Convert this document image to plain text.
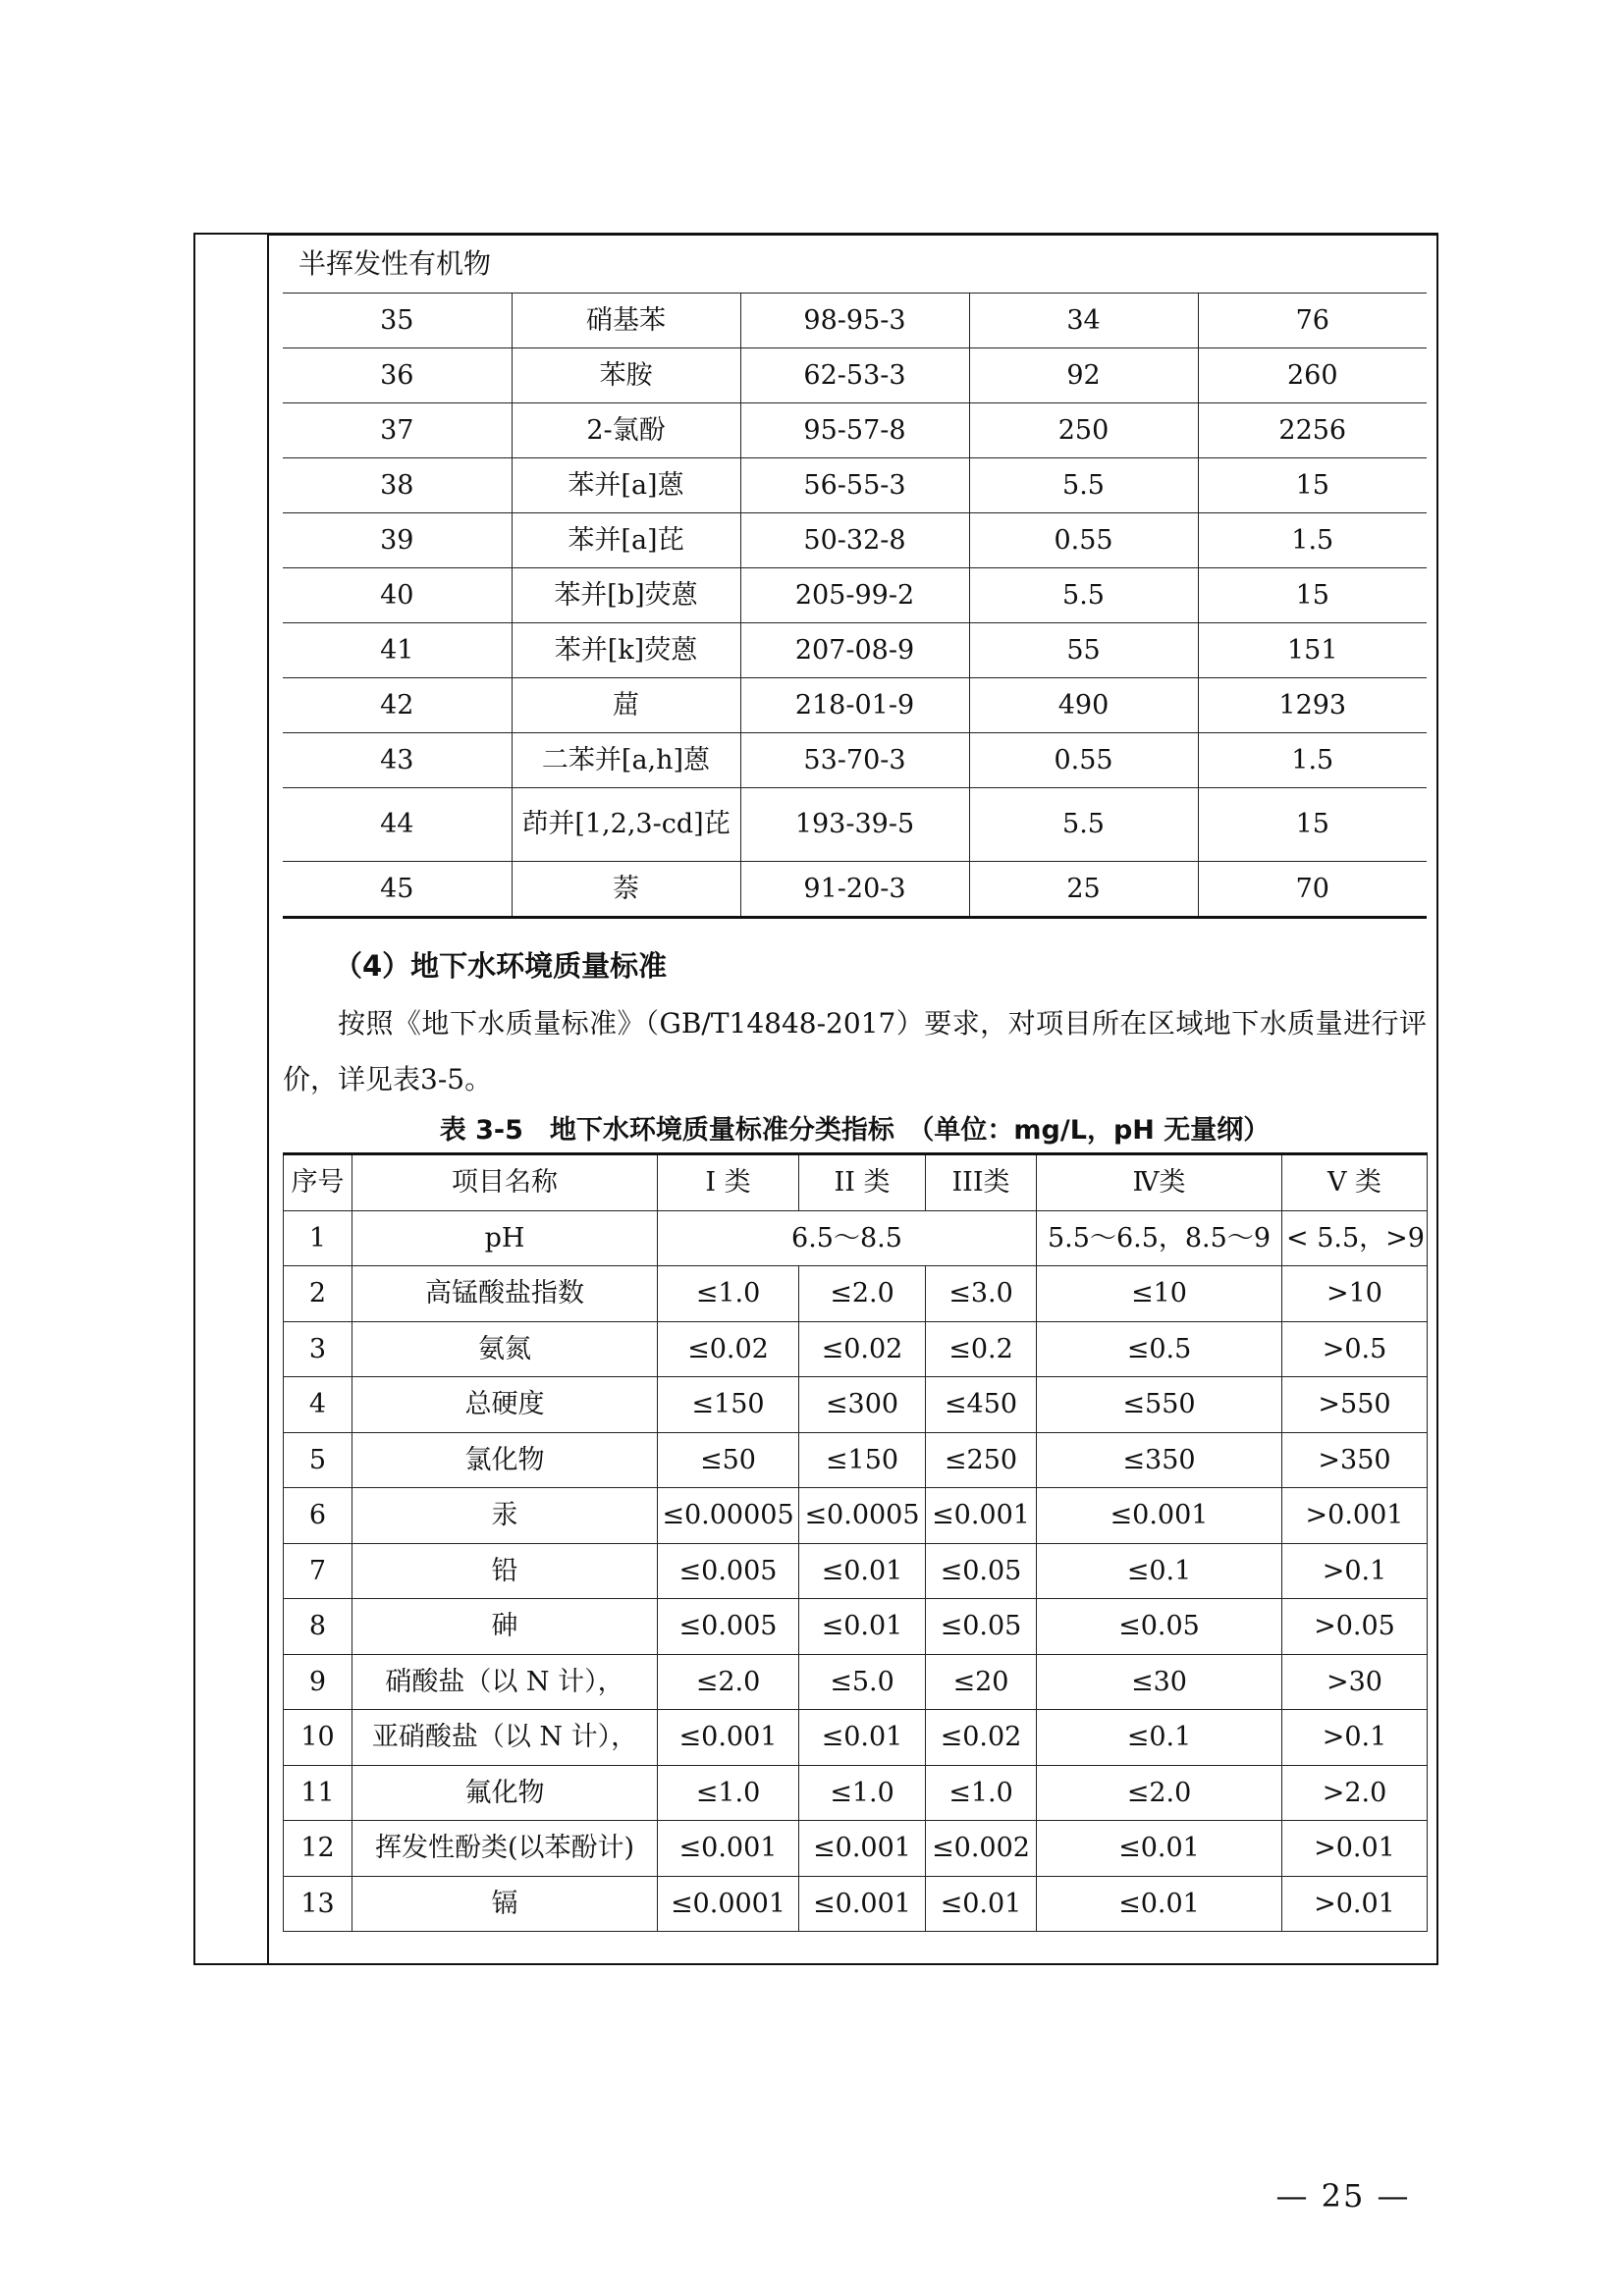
半挥发性有机物				
35	硝基苯	98-95-3	34	76
36	苯胺	62-53-3	92	260
37	2-氯酚	95-57-8	250	2256
38	苯并[a]蒽	56-55-3	5.5	15
39	苯并[a]芘	50-32-8	0.55	1.5
40	苯并[b]荧蒽	205-99-2	5.5	15
41	苯并[k]荧蒽	207-08-9	55	151
42	䓛	218-01-9	490	1293
43	二苯并[a,h]蒽	53-70-3	0.55	1.5
44	茚并[1,2,3-cd]芘	193-39-5	5.5	15
45	萘	91-20-3	25	70
（4）地下水环境质量标准
按照《地下水质量标准》（GB/T14848-2017）要求，对项目所在区域地下水质量进行评价，详见表3-5。
表 3-5　地下水环境质量标准分类指标　（单位：mg/L，pH 无量纲）
序号	项目名称	I 类	II 类	III类	Ⅳ类	V 类
1	pH	6.5～8.5			5.5～6.5，8.5～9	< 5.5，>9
2	高锰酸盐指数	≤1.0	≤2.0	≤3.0	≤10	>10
3	氨氮	≤0.02	≤0.02	≤0.2	≤0.5	>0.5
4	总硬度	≤150	≤300	≤450	≤550	>550
5	氯化物	≤50	≤150	≤250	≤350	>350
6	汞	≤0.00005	≤0.0005	≤0.001	≤0.001	>0.001
7	铅	≤0.005	≤0.01	≤0.05	≤0.1	>0.1
8	砷	≤0.005	≤0.01	≤0.05	≤0.05	>0.05
9	硝酸盐（以 N 计），	≤2.0	≤5.0	≤20	≤30	>30
10	亚硝酸盐（以 N 计），	≤0.001	≤0.01	≤0.02	≤0.1	>0.1
11	氟化物	≤1.0	≤1.0	≤1.0	≤2.0	>2.0
12	挥发性酚类(以苯酚计)	≤0.001	≤0.001	≤0.002	≤0.01	>0.01
13	镉	≤0.0001	≤0.001	≤0.01	≤0.01	>0.01
— 25 —
